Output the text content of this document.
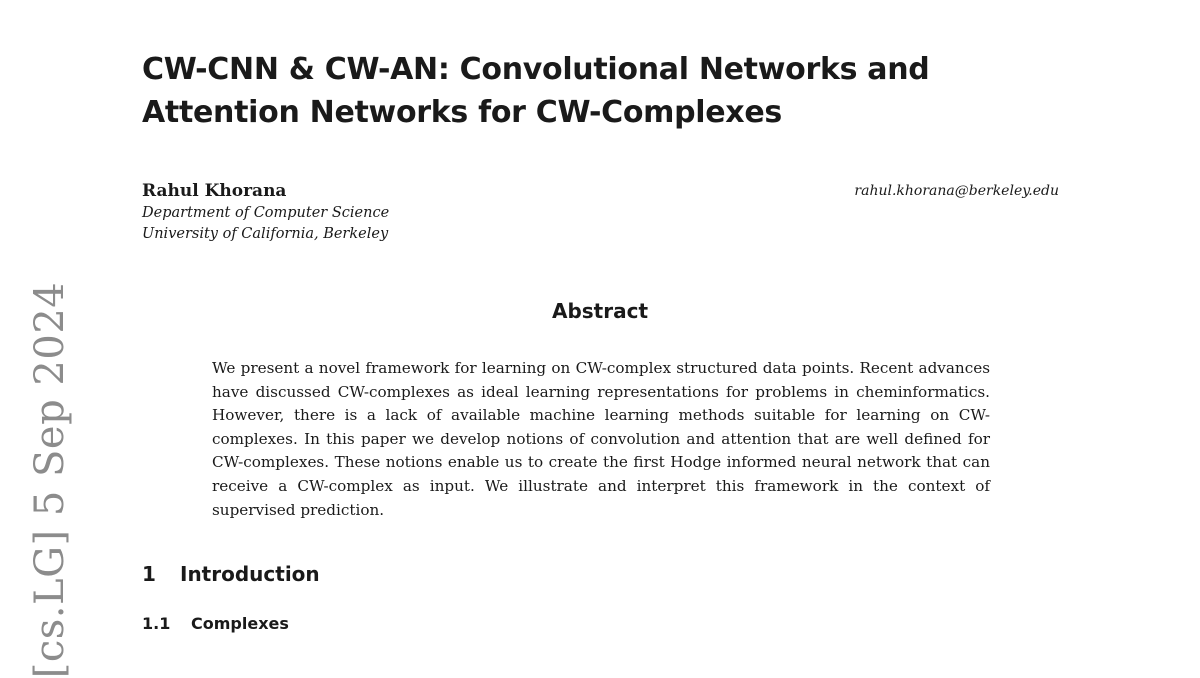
[cs.LG] 5 Sep 2024
CW-CNN & CW-AN: Convolutional Networks and Attention Networks for CW-Complexes
Rahul Khorana
Department of Computer Science
University of California, Berkeley
rahul.khorana@berkeley.edu
Abstract
We present a novel framework for learning on CW-complex structured data points. Recent advances have discussed CW-complexes as ideal learning representations for problems in cheminformatics. However, there is a lack of available machine learning methods suitable for learning on CW-complexes. In this paper we develop notions of convolution and attention that are well defined for CW-complexes. These notions enable us to create the first Hodge informed neural network that can receive a CW-complex as input. We illustrate and interpret this framework in the context of supervised prediction.
1 Introduction
1.1 Complexes
